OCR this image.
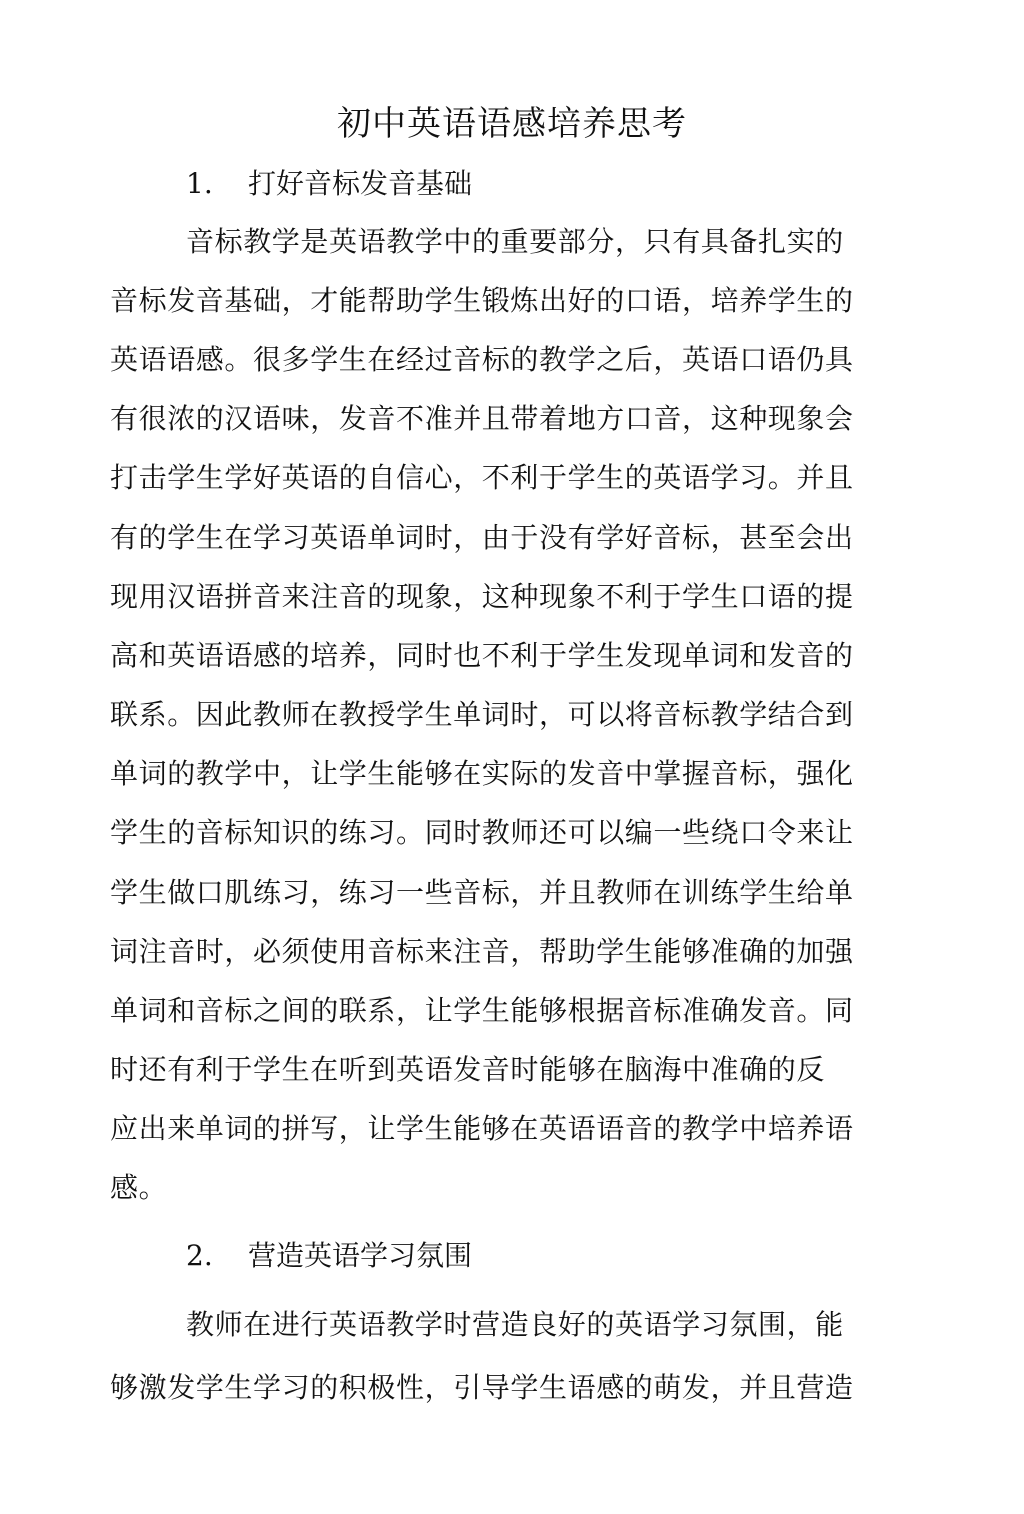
初中英语语感培养思考
1. 打好音标发音基础
音标教学是英语教学中的重要部分，只有具备扎实的
音标发音基础，才能帮助学生锻炼出好的口语，培养学生的
英语语感。很多学生在经过音标的教学之后，英语口语仍具
有很浓的汉语味，发音不准并且带着地方口音，这种现象会
打击学生学好英语的自信心，不利于学生的英语学习。并且
有的学生在学习英语单词时，由于没有学好音标，甚至会出
现用汉语拼音来注音的现象，这种现象不利于学生口语的提
高和英语语感的培养，同时也不利于学生发现单词和发音的
联系。因此教师在教授学生单词时，可以将音标教学结合到
单词的教学中，让学生能够在实际的发音中掌握音标，强化
学生的音标知识的练习。同时教师还可以编一些绕口令来让
学生做口肌练习，练习一些音标，并且教师在训练学生给单
词注音时，必须使用音标来注音，帮助学生能够准确的加强
单词和音标之间的联系，让学生能够根据音标准确发音。同
时还有利于学生在听到英语发音时能够在脑海中准确的反
应出来单词的拼写，让学生能够在英语语音的教学中培养语
感。
2. 营造英语学习氛围
教师在进行英语教学时营造良好的英语学习氛围，能
够激发学生学习的积极性，引导学生语感的萌发，并且营造
